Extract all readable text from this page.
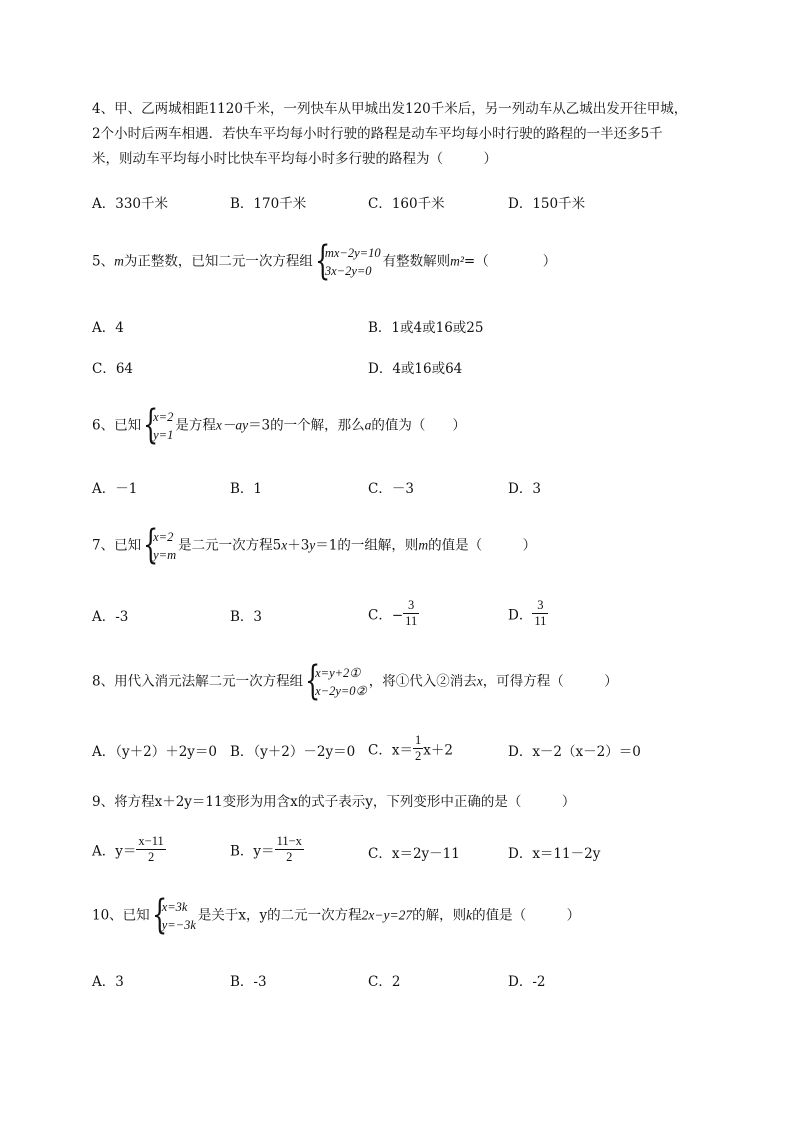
4、甲、乙两城相距1120千米，一列快车从甲城出发120千米后，另一列动车从乙城出发开往甲城，
2个小时后两车相遇．若快车平均每小时行驶的路程是动车平均每小时行驶的路程的一半还多5千
米，则动车平均每小时比快车平均每小时多行驶的路程为（　　　）
A．330千米	B．170千米	C．160千米	D．150千米
5、m为正整数，已知二元一次方程组 {
mx−2y=10
3x−2y=0
有整数解则m²=（　　　　）
A．4	B．1或4或16或25
C．64	D．4或16或64
6、已知 {
x=2
y=1
是方程x－ay＝3的一个解，那么a的值为（　　）
A．－1	B．1	C．－3	D．3
7、已知 {
x=2
y=m
是二元一次方程5x＋3y＝1的一组解，则m的值是（　　　）
A．-3	B．3	C．− $\frac{3}{11}$	D． $\frac{3}{11}$
8、用代入消元法解二元一次方程组 {
x=y+2①
x−2y=0②
，将①代入②消去x，可得方程（　　　）
A．（y＋2）＋2y＝0 B．（y＋2）－2y＝0 C．$x= \frac{1}{2} x+2$	D．x－2（x－2）＝0
9、将方程x＋2y＝11变形为用含x的式子表示y，下列变形中正确的是（　　　）
A．$y= \frac{x-11}{2}$	B．$y= \frac{11-x}{2}$	C．x＝2y－11	D．x＝11－2y
10、已知 {
x=3k
y=−3k
是关于x，y的二元一次方程2x−y=27的解，则k的值是（　　　）
A．3	B．-3	C．2	D．-2
